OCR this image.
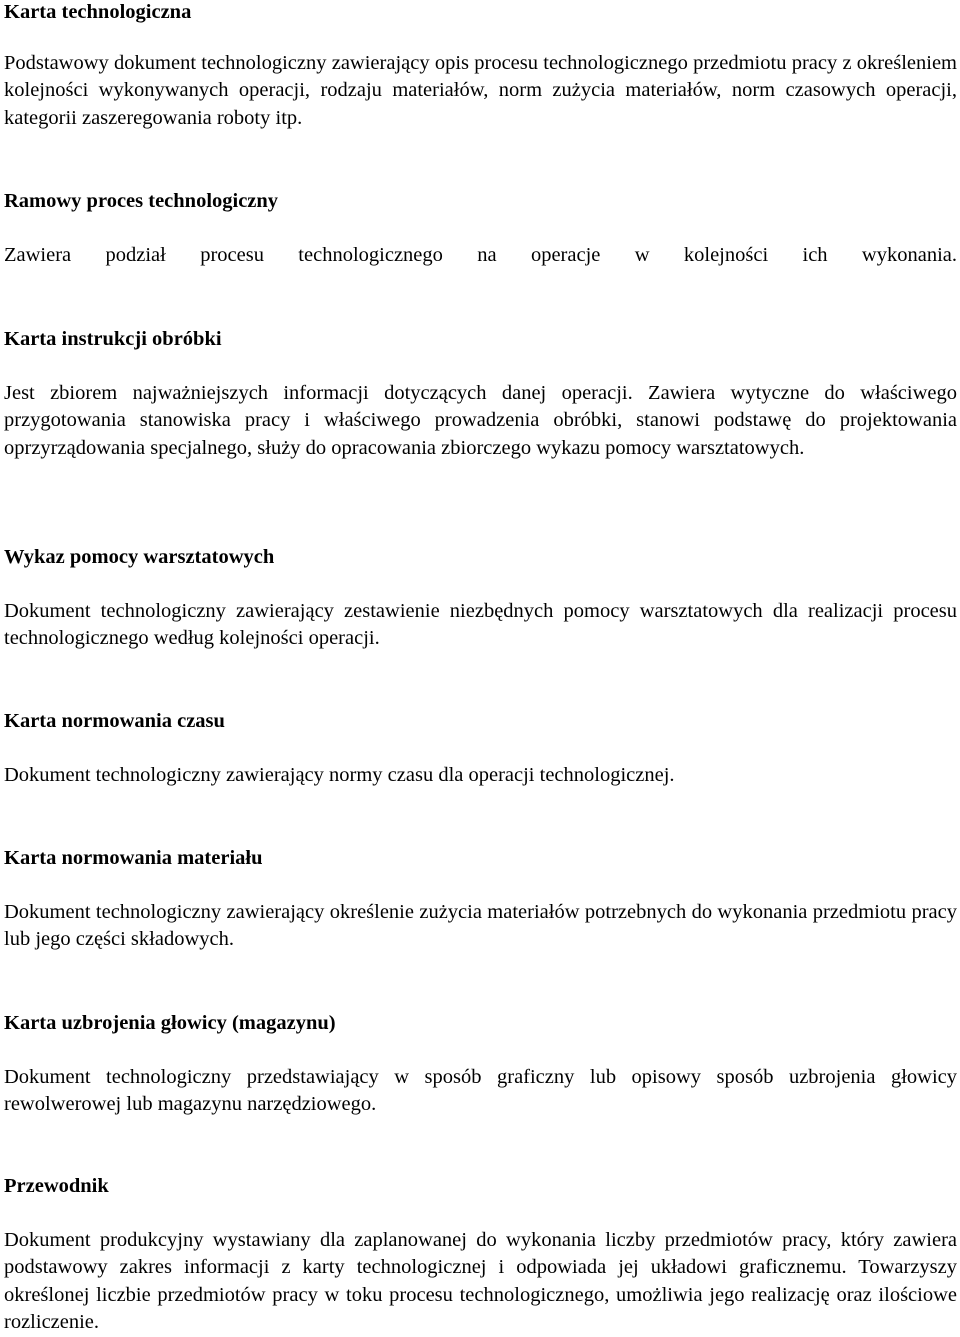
Karta technologiczna

Podstawowy dokument technologiczny zawierający opis procesu technologicznego przedmiotu pracy z określeniem kolejności wykonywanych operacji, rodzaju materiałów, norm zużycia materiałów, norm czasowych operacji, kategorii zaszeregowania roboty itp.

Ramowy proces technologiczny

Zawiera podział procesu technologicznego na operacje w kolejności ich wykonania.

Karta instrukcji obróbki

Jest zbiorem najważniejszych informacji dotyczących danej operacji. Zawiera wytyczne do właściwego przygotowania stanowiska pracy i właściwego prowadzenia obróbki, stanowi podstawę do projektowania oprzyrządowania specjalnego, służy do opracowania zbiorczego wykazu pomocy warsztatowych.

Wykaz pomocy warsztatowych

Dokument technologiczny zawierający zestawienie niezbędnych pomocy warsztatowych dla realizacji procesu technologicznego według kolejności operacji.

Karta normowania czasu

Dokument technologiczny zawierający normy czasu dla operacji technologicznej.

Karta normowania materiału

Dokument technologiczny zawierający określenie zużycia materiałów potrzebnych do wykonania przedmiotu pracy lub jego części składowych.

Karta uzbrojenia głowicy (magazynu)

Dokument technologiczny przedstawiający w sposób graficzny lub opisowy sposób uzbrojenia głowicy rewolwerowej lub magazynu narzędziowego.

Przewodnik

Dokument produkcyjny wystawiany dla zaplanowanej do wykonania liczby przedmiotów pracy, który zawiera podstawowy zakres informacji z karty technologicznej i odpowiada jej układowi graficznemu. Towarzyszy określonej liczbie przedmiotów pracy w toku procesu technologicznego, umożliwia jego realizację oraz ilościowe rozliczenie.
